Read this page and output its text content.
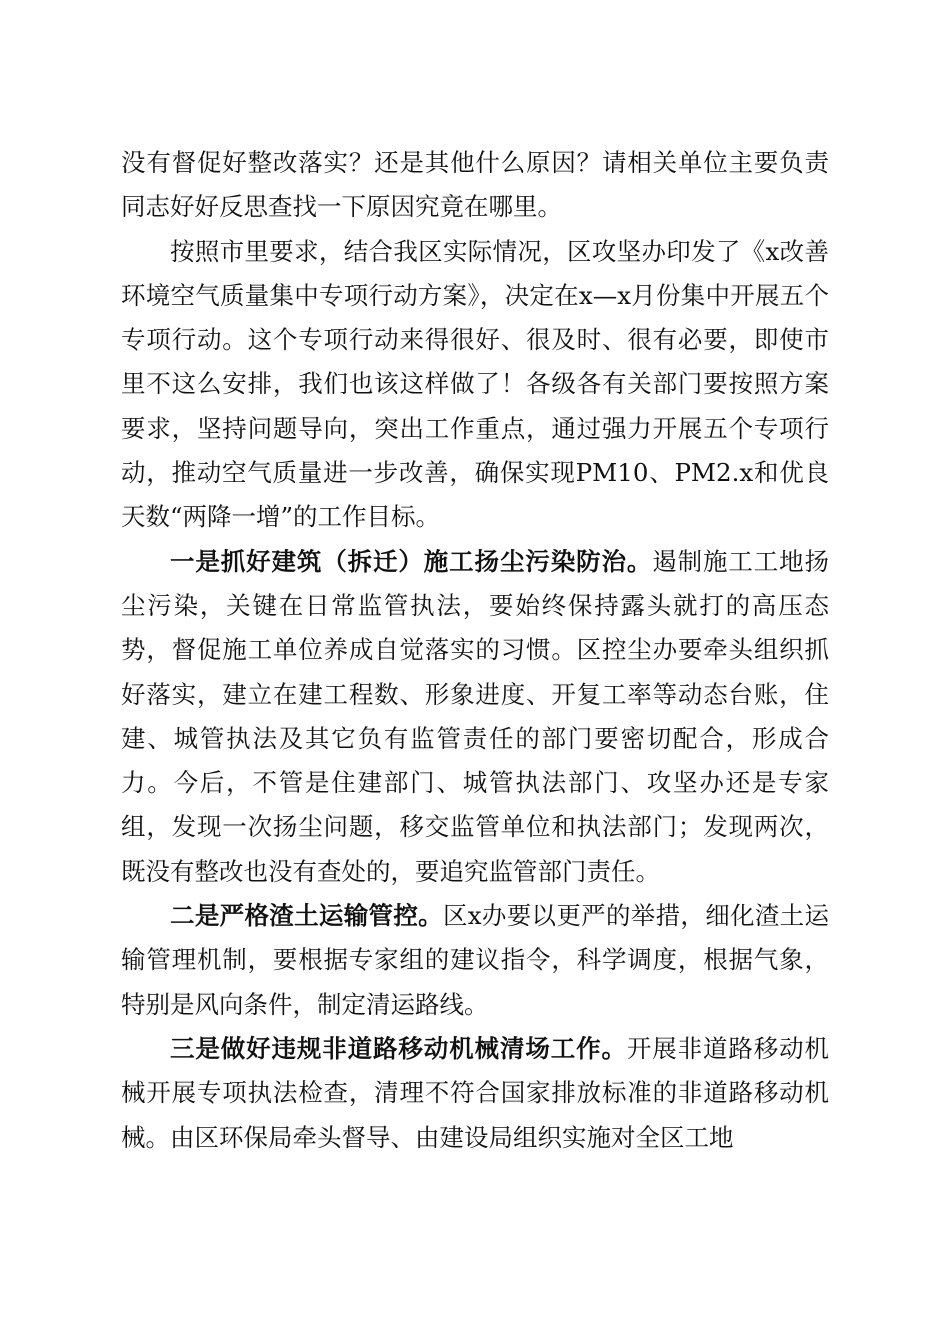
没有督促好整改落实？还是其他什么原因？请相关单位主要负责同志好好反思查找一下原因究竟在哪里。

按照市里要求，结合我区实际情况，区攻坚办印发了《x改善环境空气质量集中专项行动方案》，决定在x—x月份集中开展五个专项行动。这个专项行动来得很好、很及时、很有必要，即使市里不这么安排，我们也该这样做了！各级各有关部门要按照方案要求，坚持问题导向，突出工作重点，通过强力开展五个专项行动，推动空气质量进一步改善，确保实现PM10、PM2.x和优良天数“两降一增”的工作目标。

一是抓好建筑（拆迁）施工扬尘污染防治。遏制施工工地扬尘污染，关键在日常监管执法，要始终保持露头就打的高压态势，督促施工单位养成自觉落实的习惯。区控尘办要牵头组织抓好落实，建立在建工程数、形象进度、开复工率等动态台账，住建、城管执法及其它负有监管责任的部门要密切配合，形成合力。今后，不管是住建部门、城管执法部门、攻坚办还是专家组，发现一次扬尘问题，移交监管单位和执法部门；发现两次，既没有整改也没有查处的，要追究监管部门责任。

二是严格渣土运输管控。区x办要以更严的举措，细化渣土运输管理机制，要根据专家组的建议指令，科学调度，根据气象，特别是风向条件，制定清运路线。

三是做好违规非道路移动机械清场工作。开展非道路移动机械开展专项执法检查，清理不符合国家排放标准的非道路移动机械。由区环保局牵头督导、由建设局组织实施对全区工地
